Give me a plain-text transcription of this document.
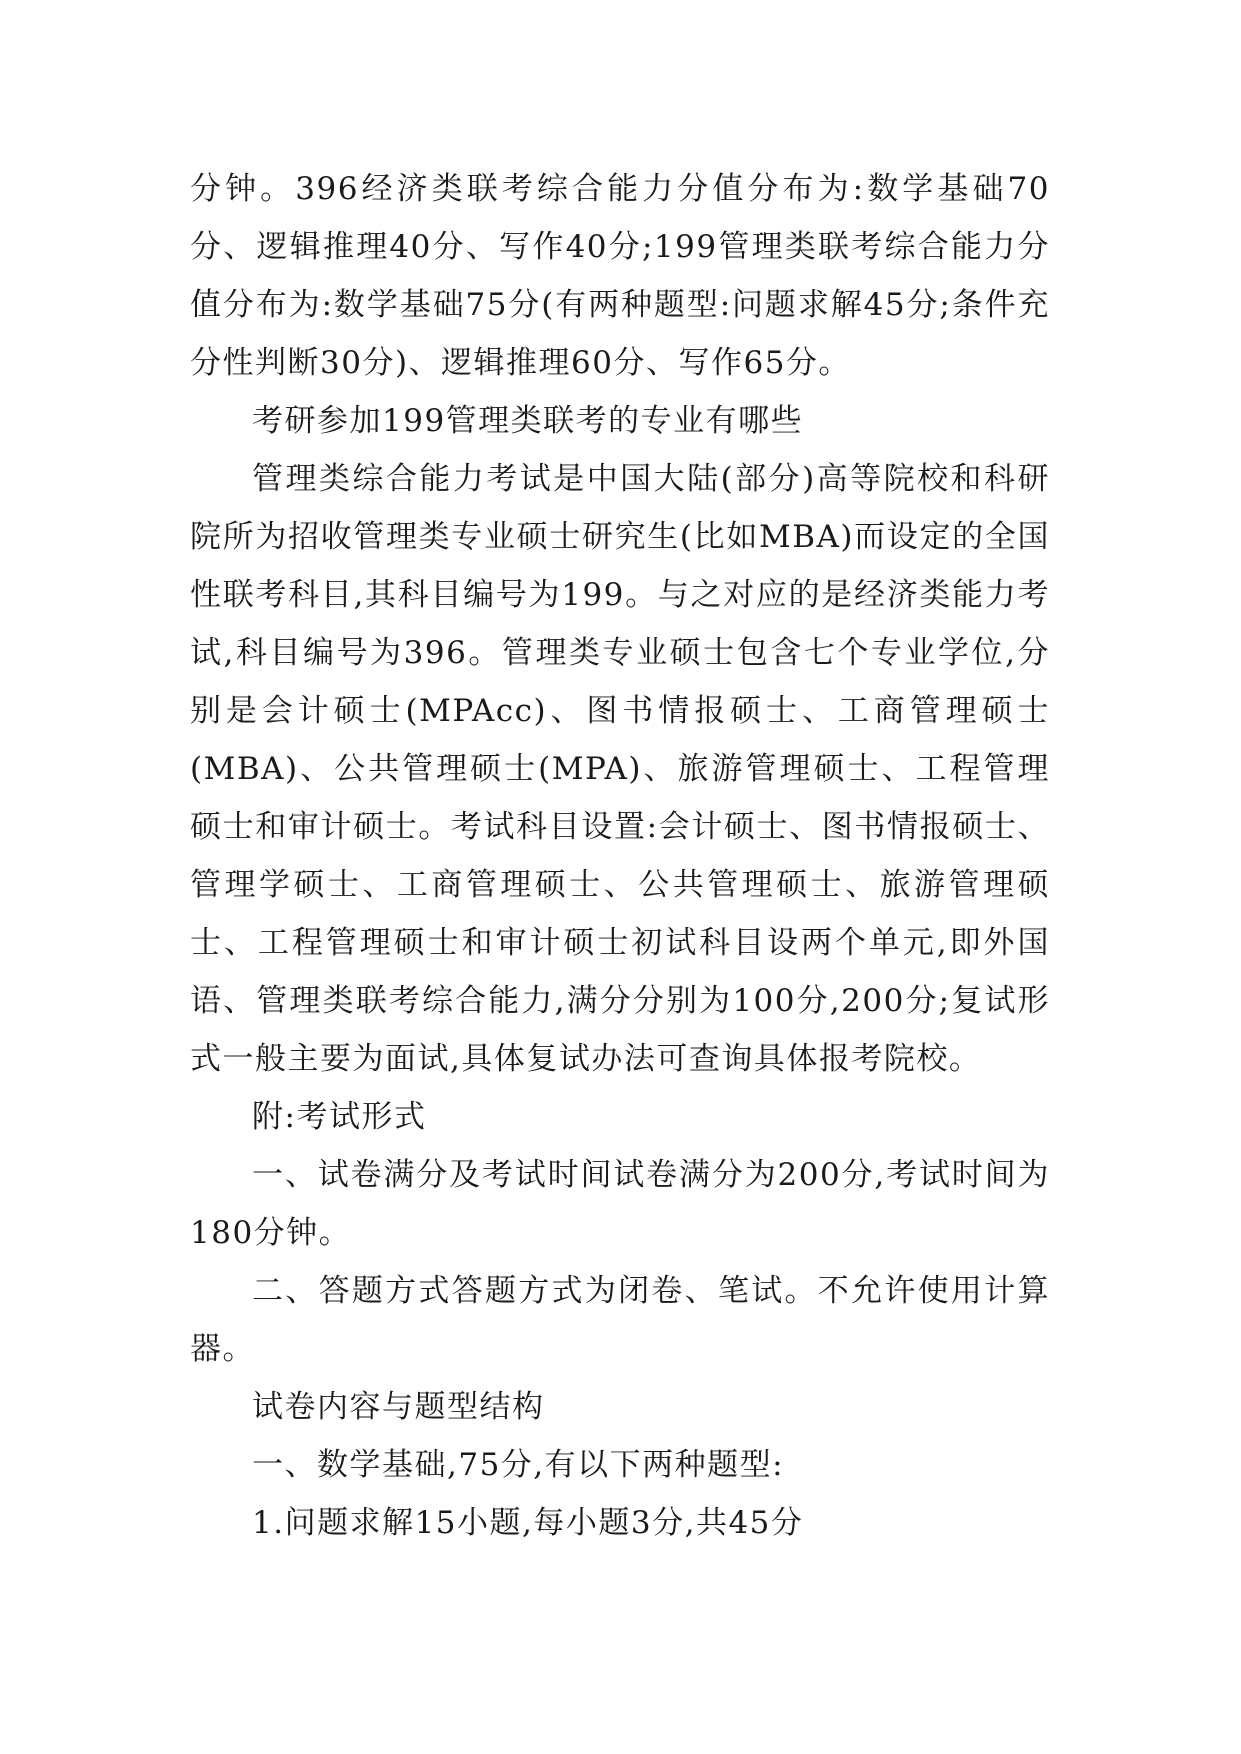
分钟。396经济类联考综合能力分值分布为:数学基础70分、逻辑推理40分、写作40分;199管理类联考综合能力分值分布为:数学基础75分(有两种题型:问题求解45分;条件充分性判断30分)、逻辑推理60分、写作65分。

考研参加199管理类联考的专业有哪些

管理类综合能力考试是中国大陆(部分)高等院校和科研院所为招收管理类专业硕士研究生(比如MBA)而设定的全国性联考科目,其科目编号为199。与之对应的是经济类能力考试,科目编号为396。管理类专业硕士包含七个专业学位,分别是会计硕士(MPAcc)、图书情报硕士、工商管理硕士(MBA)、公共管理硕士(MPA)、旅游管理硕士、工程管理硕士和审计硕士。考试科目设置:会计硕士、图书情报硕士、管理学硕士、工商管理硕士、公共管理硕士、旅游管理硕士、工程管理硕士和审计硕士初试科目设两个单元,即外国语、管理类联考综合能力,满分分别为100分,200分;复试形式一般主要为面试,具体复试办法可查询具体报考院校。

附:考试形式

一、试卷满分及考试时间试卷满分为200分,考试时间为180分钟。

二、答题方式答题方式为闭卷、笔试。不允许使用计算器。

试卷内容与题型结构

一、数学基础,75分,有以下两种题型:

1.问题求解15小题,每小题3分,共45分
